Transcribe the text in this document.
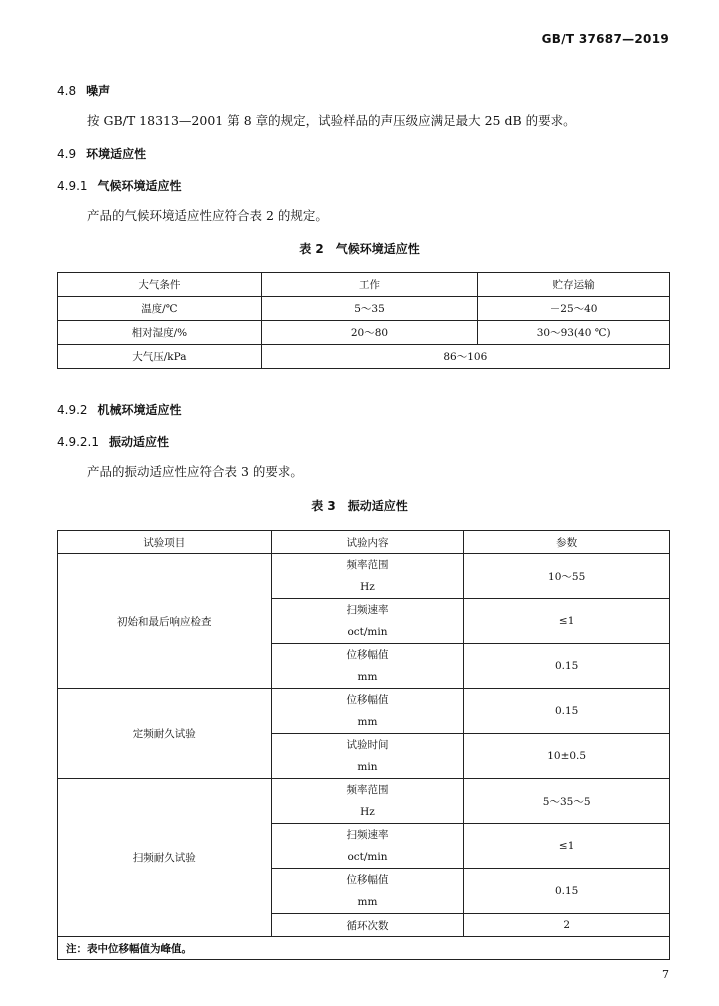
GB/T 37687—2019
4.8 噪声
按 GB/T 18313—2001 第 8 章的规定，试验样品的声压级应满足最大 25 dB 的要求。
4.9 环境适应性
4.9.1 气候环境适应性
产品的气候环境适应性应符合表 2 的规定。
表 2 气候环境适应性
大气条件	工作	贮存运输
温度/℃	5～35	－25～40
相对湿度/%	20～80	30～93(40 ℃)
大气压/kPa	86～106	
4.9.2 机械环境适应性
4.9.2.1 振动适应性
产品的振动适应性应符合表 3 的要求。
表 3 振动适应性
试验项目	试验内容	参数
初始和最后响应检查	频率范围
Hz	10～55

	扫频速率
oct/min	≤1

	位移幅值
mm	0.15
定频耐久试验	位移幅值
mm	0.15

	试验时间
min	10±0.5
扫频耐久试验	频率范围
Hz	5～35～5

	扫频速率
oct/min	≤1

	位移幅值
mm	0.15
	循环次数	2
注：表中位移幅值为峰值。		
7
